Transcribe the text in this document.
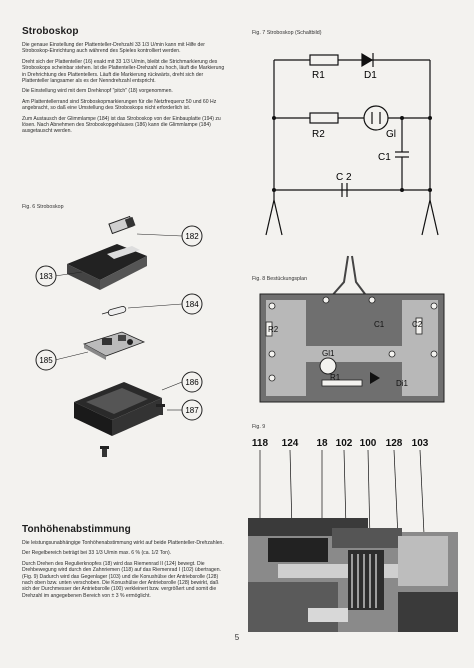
Stroboskop

Die genaue Einstellung der Plattenteller-Drehzahl 33 1/3 U/min kann mit Hilfe der Stroboskop-Einrichtung auch während des Spieles kontrolliert werden.

Dreht sich der Plattenteller (16) exakt mit 33 1/3 U/min, bleibt die Strichmarkierung des Stroboskops scheinbar stehen. Ist die Plattenteller-Drehzahl zu hoch, läuft die Markierung in Drehrichtung des Plattentellers. Läuft die Markierung rückwärts, dreht sich der Plattenteller langsamer als es der Nenndrehzahl entspricht.

Die Einstellung wird mit dem Drehknopf "pitch" (18) vorgenommen.

Am Plattentellerrand sind Stroboskopmarkierungen für die Netzfrequenz 50 und 60 Hz angebracht, so daß eine Umstellung des Stroboskops nicht erforderlich ist.

Zum Austausch der Glimmlampe (184) ist das Stroboskop von der Einbauplatte (194) zu lösen. Nach Abnehmen des Stroboskopgehäuses (186) kann die Glimmlampe (184) ausgetauscht werden.

Fig. 6 Stroboskop
182
183
184
185
186
187
Tonhöhenabstimmung

Die leistungsunabhängige Tonhöhenabstimmung wirkt auf beide Plattenteller-Drehzahlen.

Der Regelbereich beträgt bei 33 1/3 U/min max. 6 % (ca. 1/2 Ton).

Durch Drehen des Regulierknopfes (18) wird das Riemenrad II (124) bewegt. Die Drehbewegung wird durch den Zahnriemen (118) auf das Riemenrad I (102) übertragen. (Fig. 9) Dadurch wird das Gegenlager (103) und die Konushülse der Antriebsrolle (128) nach oben bzw. unten verschoben. Die Konushülse der Antriebsrolle (128) bewirkt, daß sich der Durchmesser der Antriebsrolle (100) verkleinert bzw. vergrößert und somit die Drehzahl im angegebenen Bereich von ± 3 % ermöglicht.

Fig. 7 Stroboskop (Schaltbild)
R1	D1
R2	Gl
C1
C 2
Fig. 8 Bestückungsplan
R2
C1	C2
Gl1
R1
Di1
Fig. 9
118 124 18 102 100 128 103
5
